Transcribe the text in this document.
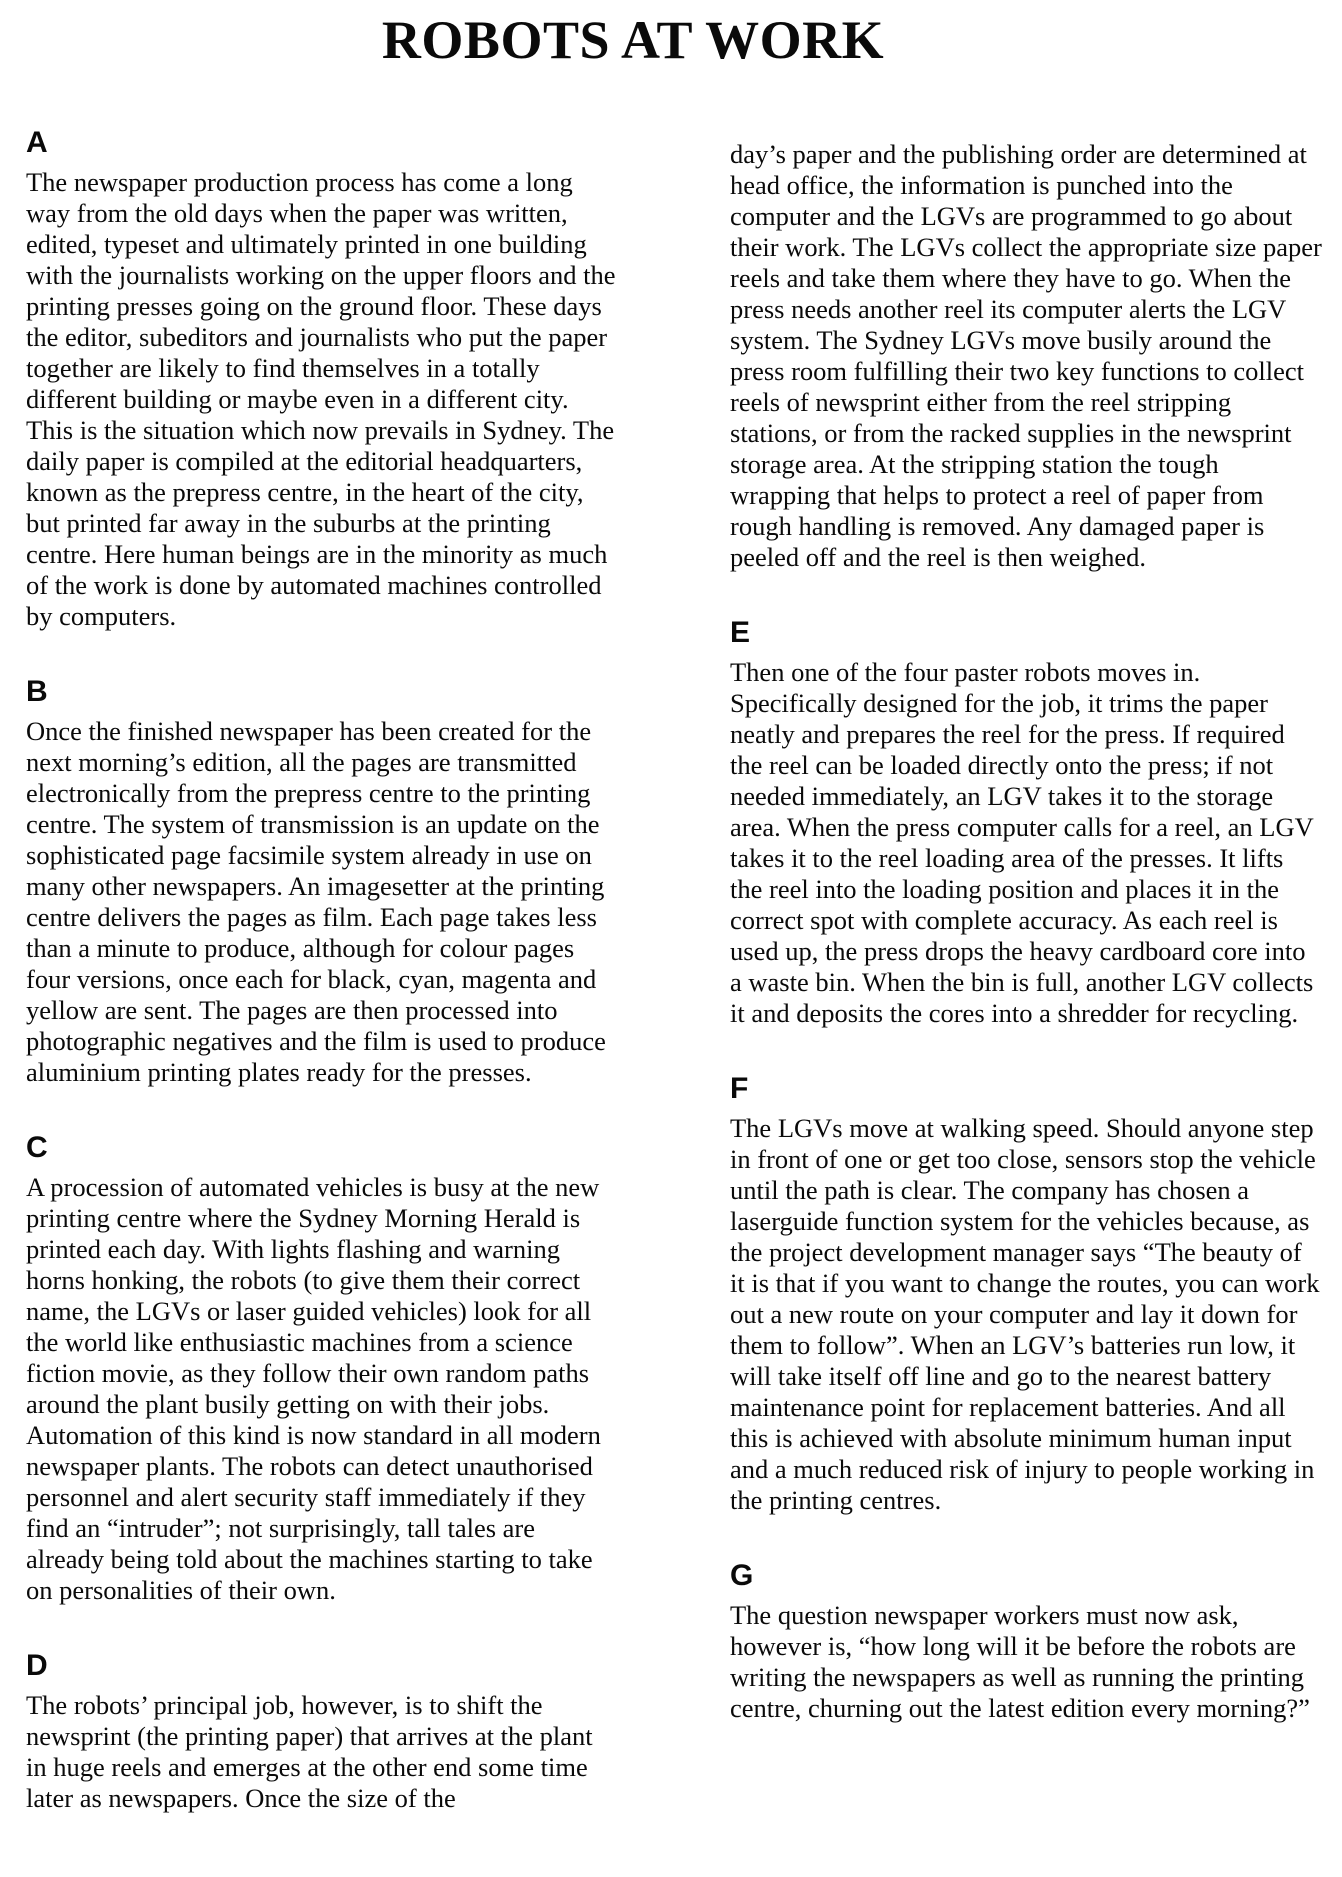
ROBOTS AT WORK
A

The newspaper production process has come a long way from the old days when the paper was written, edited, typeset and ultimately printed in one building with the journalists working on the upper floors and the printing presses going on the ground floor. These days the editor, subeditors and journalists who put the paper together are likely to find themselves in a totally different building or maybe even in a different city. This is the situation which now prevails in Sydney. The daily paper is compiled at the editorial headquarters, known as the prepress centre, in the heart of the city, but printed far away in the suburbs at the printing centre. Here human beings are in the minority as much of the work is done by automated machines controlled by computers.

B

Once the finished newspaper has been created for the next morning’s edition, all the pages are transmitted electronically from the prepress centre to the printing centre. The system of transmission is an update on the sophisticated page facsimile system already in use on many other newspapers. An imagesetter at the printing centre delivers the pages as film. Each page takes less than a minute to produce, although for colour pages four versions, once each for black, cyan, magenta and yellow are sent. The pages are then processed into photographic negatives and the film is used to produce aluminium printing plates ready for the presses.

C

A procession of automated vehicles is busy at the new printing centre where the Sydney Morning Herald is printed each day. With lights flashing and warning horns honking, the robots (to give them their correct name, the LGVs or laser guided vehicles) look for all the world like enthusiastic machines from a science fiction movie, as they follow their own random paths around the plant busily getting on with their jobs. Automation of this kind is now standard in all modern newspaper plants. The robots can detect unauthorised personnel and alert security staff immediately if they find an “intruder”; not surprisingly, tall tales are already being told about the machines starting to take on personalities of their own.

D

The robots’ principal job, however, is to shift the newsprint (the printing paper) that arrives at the plant in huge reels and emerges at the other end some time later as newspapers. Once the size of the

day’s paper and the publishing order are determined at head office, the information is punched into the computer and the LGVs are programmed to go about their work. The LGVs collect the appropriate size paper reels and take them where they have to go. When the press needs another reel its computer alerts the LGV system. The Sydney LGVs move busily around the press room fulfilling their two key functions to collect reels of newsprint either from the reel stripping stations, or from the racked supplies in the newsprint storage area. At the stripping station the tough wrapping that helps to protect a reel of paper from rough handling is removed. Any damaged paper is peeled off and the reel is then weighed.

E

Then one of the four paster robots moves in. Specifically designed for the job, it trims the paper neatly and prepares the reel for the press. If required the reel can be loaded directly onto the press; if not needed immediately, an LGV takes it to the storage area. When the press computer calls for a reel, an LGV takes it to the reel loading area of the presses. It lifts the reel into the loading position and places it in the correct spot with complete accuracy. As each reel is used up, the press drops the heavy cardboard core into a waste bin. When the bin is full, another LGV collects it and deposits the cores into a shredder for recycling.

F

The LGVs move at walking speed. Should anyone step in front of one or get too close, sensors stop the vehicle until the path is clear. The company has chosen a laserguide function system for the vehicles because, as the project development manager says “The beauty of it is that if you want to change the routes, you can work out a new route on your computer and lay it down for them to follow”. When an LGV’s batteries run low, it will take itself off line and go to the nearest battery maintenance point for replacement batteries. And all this is achieved with absolute minimum human input and a much reduced risk of injury to people working in the printing centres.

G

The question newspaper workers must now ask, however is, “how long will it be before the robots are writing the newspapers as well as running the printing centre, churning out the latest edition every morning?”
